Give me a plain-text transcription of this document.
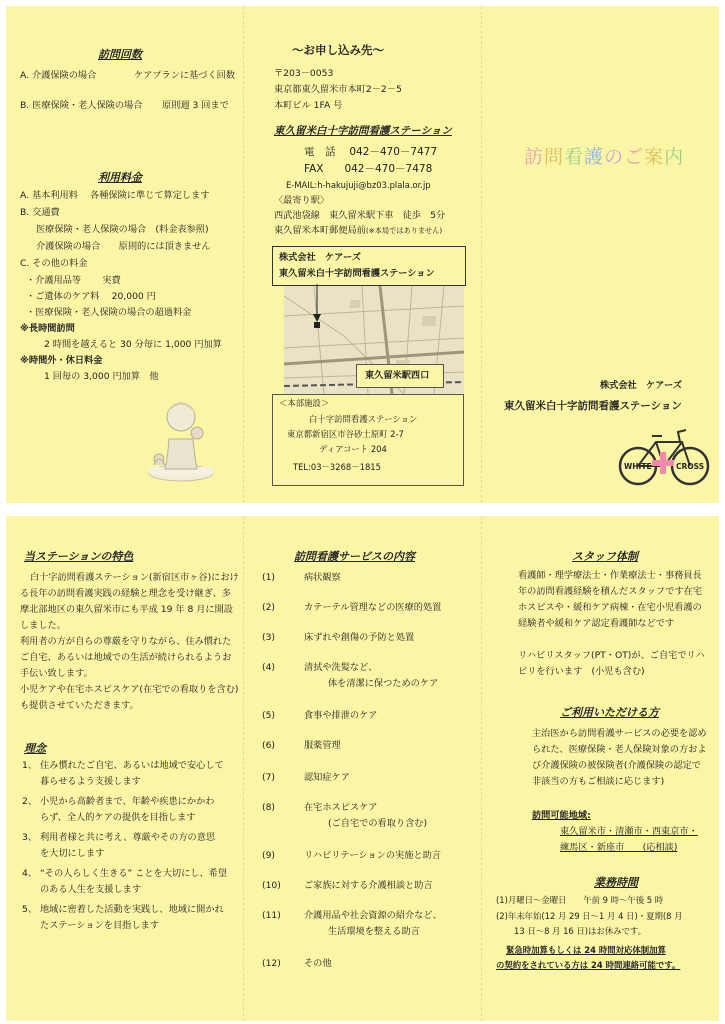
訪問回数
A. 介護保険の場合	ケアプランに基づく回数
B. 医療保険・老人保険の場合 原則週 3 回まで
利用料金
A. 基本利用料　 各種保険に準じて算定します
B. 交通費
医療保険・老人保険の場合　(料金表参照)
介護保険の場合　　原則的には頂きません
C. その他の料金
・介護用品等　　 実費
・ご遺体のケア料　 20,000 円
・医療保険・老人保険の場合の超過料金
※長時間訪問
2 時間を越えると 30 分毎に 1,000 円加算
※時間外・休日料金
1 回毎の 3,000 円加算　他
～お申し込み先～
〒203－0053
東京都東久留米市本町2－2－5
本町ビル 1FA 号
東久留米白十字訪問看護ステーション
電　話　 042－470－7477
FAX　　042－470－7478
E-MAIL:h-hakujuji@bz03.plala.or.jp
〈最寄り駅〉
西武池袋線　東久留米駅下車　徒歩　5分
東久留米本町郵便局前(※本局ではありません)
株式会社　ケアーズ
東久留米白十字訪問看護ステーション
東久留米駅西口
＜本部施設＞
白十字訪問看護ステーション
東京都新宿区市谷砂土原町 2-7
ディアコート 204
TEL:03－3268－1815
訪問看護のご案内
株式会社　ケアーズ
東久留米白十字訪問看護ステーション
WHITE	CROSS
当ステーションの特色
白十字訪問看護ステーション(新宿区市ヶ谷)における長年の訪問看護実践の経験と理念を受け継ぎ、多摩北部地区の東久留米市にも平成 19 年 8 月に開設しました。
利用者の方が自らの尊厳を守りながら、住み慣れたご自宅、あるいは地域での生活が続けられるようお手伝い致します。
小児ケアや在宅ホスピスケア(在宅での看取りを含む)も提供させていただきます。
理念
1、 住み慣れたご自宅、あるいは地域で安心して
暮らせるよう支援します
2、 小児から高齢者まで、年齢や疾患にかかわ
らず、全人的ケアの提供を目指します
3、 利用者様と共に考え、尊厳やその方の意思
を大切にします
4、 “その人らしく生きる” ことを大切にし、希望
のある人生を支援します
5、 地域に密着した活動を実践し、地域に開かれ
たステーションを目指します
訪問看護サービスの内容
(1)	病状観察
(2)	カテーテル管理などの医療的処置
(3)	床ずれや創傷の予防と処置
(4)	清拭や洗髪など、
体を清潔に保つためのケア
(5)	食事や排泄のケア
(6)	服薬管理
(7)	認知症ケア
(8)	在宅ホスピスケア
(ご自宅での看取り含む)
(9)	リハビリテーションの実施と助言
(10)	ご家族に対する介護相談と助言
(11)	介護用品や社会資源の紹介など、
生活環境を整える助言
(12)	その他
スタッフ体制
看護師・理学療法士・作業療法士・事務員長年の訪問看護経験を積んだスタッフです在宅ホスピスや・緩和ケア病棟・在宅小児看護の経験者や緩和ケア認定看護師などです
リハビリスタッフ(PT・OT)が、ご自宅でリハビリを行います　(小児も含む)
ご利用いただける方
主治医から訪問看護サービスの必要を認められた、医療保険・老人保険対象の方および介護保険の被保険者(介護保険の認定で非該当の方もご相談に応じます)
訪問可能地域:
東久留米市・清瀬市・西東京市・
練馬区・新座市　　(応相談)
業務時間
(1)月曜日～金曜日　　午前 9 時～午後 5 時
(2)年末年始(12 月 29 日～1 月 4 日)・夏期(8 月
13 日～8 月 16 日)はお休みです。
緊急時加算もしくは 24 時間対応体制加算
の契約をされている方は 24 時間連絡可能です。
